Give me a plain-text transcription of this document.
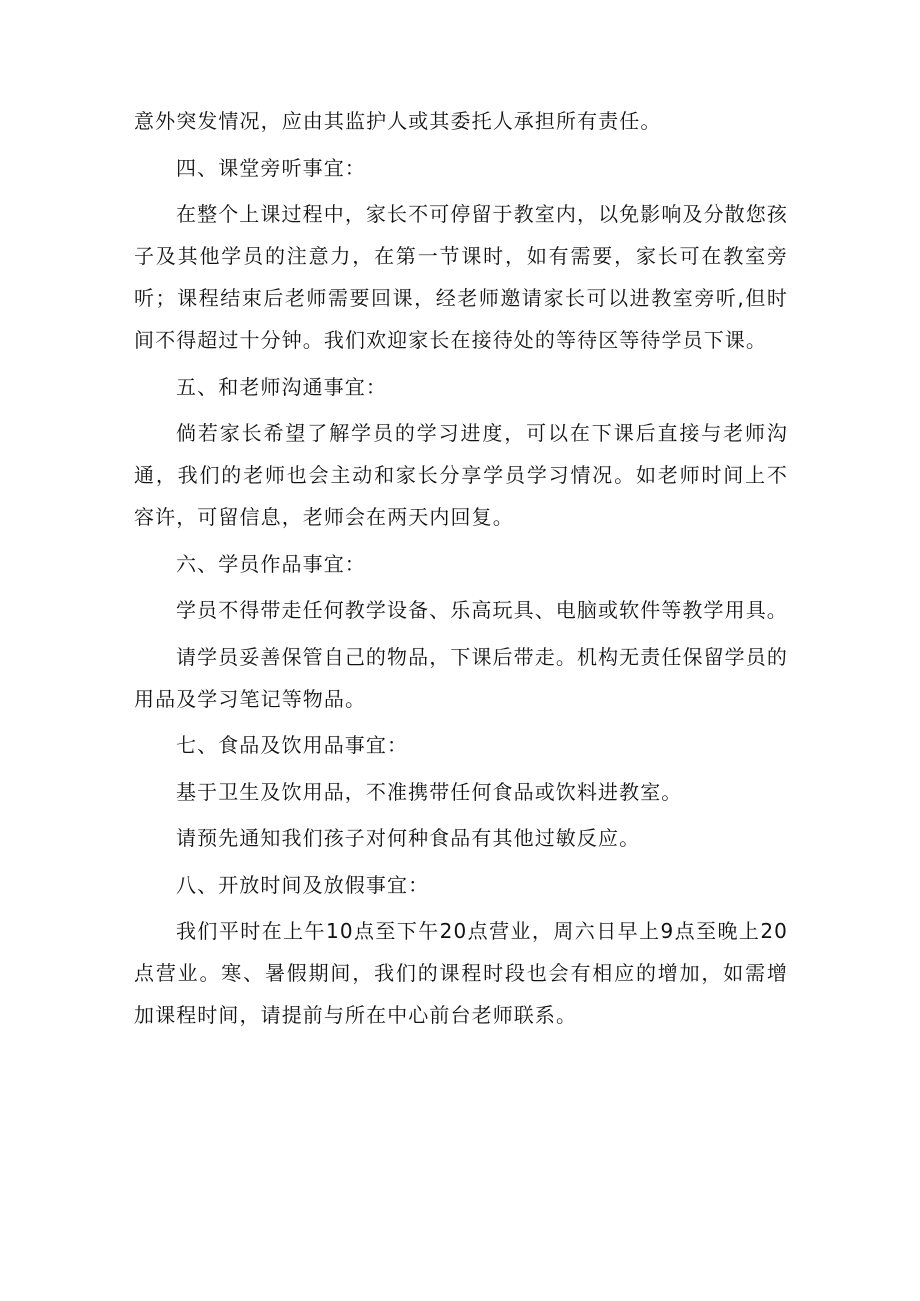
意外突发情况，应由其监护人或其委托人承担所有责任。

四、课堂旁听事宜：

在整个上课过程中，家长不可停留于教室内，以免影响及分散您孩子及其他学员的注意力，在第一节课时，如有需要，家长可在教室旁听；课程结束后老师需要回课，经老师邀请家长可以进教室旁听,但时间不得超过十分钟。我们欢迎家长在接待处的等待区等待学员下课。

五、和老师沟通事宜：

倘若家长希望了解学员的学习进度，可以在下课后直接与老师沟通，我们的老师也会主动和家长分享学员学习情况。如老师时间上不容许，可留信息，老师会在两天内回复。

六、学员作品事宜：

学员不得带走任何教学设备、乐高玩具、电脑或软件等教学用具。

请学员妥善保管自己的物品，下课后带走。机构无责任保留学员的用品及学习笔记等物品。

七、食品及饮用品事宜：

基于卫生及饮用品，不准携带任何食品或饮料进教室。

请预先通知我们孩子对何种食品有其他过敏反应。

八、开放时间及放假事宜：

我们平时在上午10点至下午20点营业，周六日早上9点至晚上20点营业。寒、暑假期间，我们的课程时段也会有相应的增加，如需增加课程时间，请提前与所在中心前台老师联系。
